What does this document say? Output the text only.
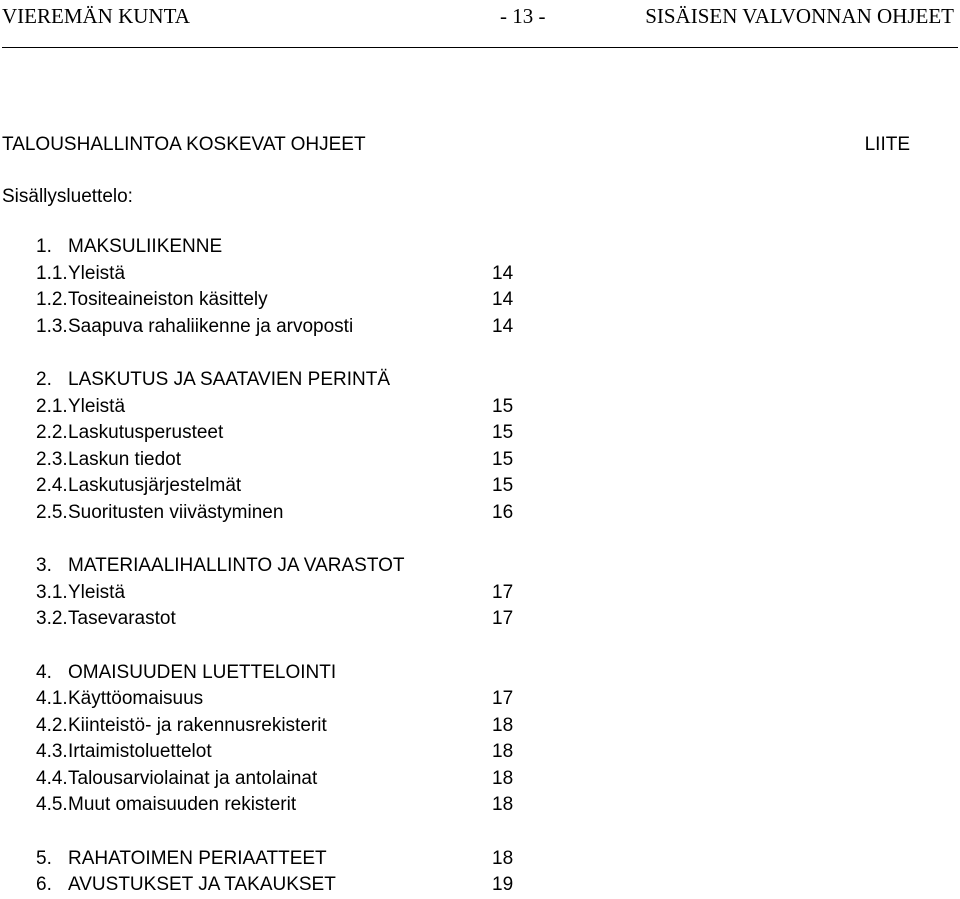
VIEREMÄN KUNTA	- 13 -	SISÄISEN VALVONNAN OHJEET
TALOUSHALLINTOA KOSKEVAT OHJEET	LIITE
Sisällysluettelo:
1. MAKSULIIKENNE
1.1. Yleistä	14
1.2. Tositeaineiston käsittely	14
1.3. Saapuva rahaliikenne ja arvoposti	14
2. LASKUTUS JA SAATAVIEN PERINTÄ
2.1. Yleistä	15
2.2. Laskutusperusteet	15
2.3. Laskun tiedot	15
2.4. Laskutusjärjestelmät	15
2.5. Suoritusten viivästyminen	16
3. MATERIAALIHALLINTO JA VARASTOT
3.1. Yleistä	17
3.2. Tasevarastot	17
4. OMAISUUDEN LUETTELOINTI
4.1. Käyttöomaisuus	17
4.2. Kiinteistö- ja rakennusrekisterit	18
4.3. Irtaimistoluettelot	18
4.4. Talousarviolainat ja antolainat	18
4.5. Muut omaisuuden rekisterit	18
5. RAHATOIMEN PERIAATTEET	18
6. AVUSTUKSET JA TAKAUKSET	19
